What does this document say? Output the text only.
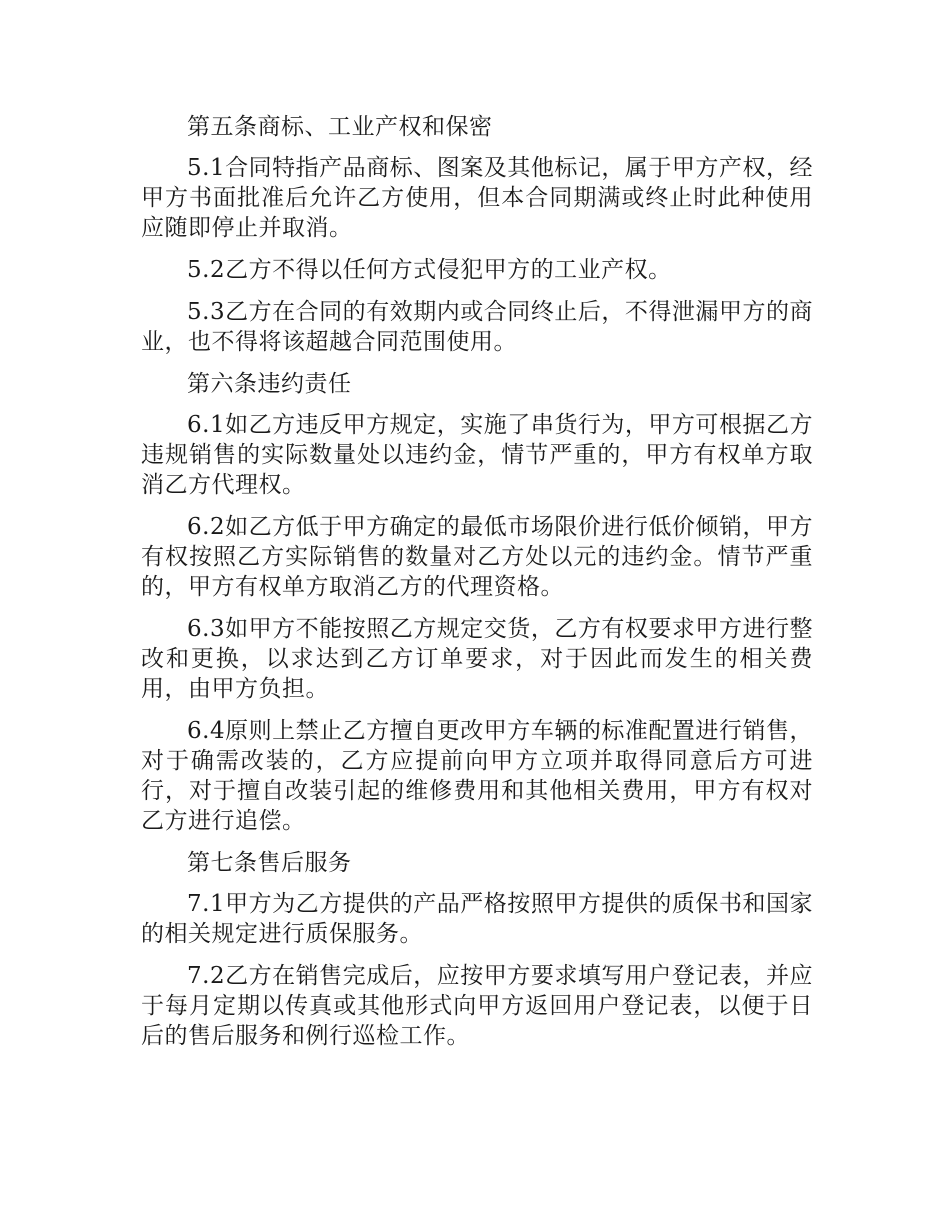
第五条商标、工业产权和保密

5.1合同特指产品商标、图案及其他标记，属于甲方产权，经甲方书面批准后允许乙方使用，但本合同期满或终止时此种使用应随即停止并取消。

5.2乙方不得以任何方式侵犯甲方的工业产权。

5.3乙方在合同的有效期内或合同终止后，不得泄漏甲方的商业，也不得将该超越合同范围使用。

第六条违约责任

6.1如乙方违反甲方规定，实施了串货行为，甲方可根据乙方违规销售的实际数量处以违约金，情节严重的，甲方有权单方取消乙方代理权。

6.2如乙方低于甲方确定的最低市场限价进行低价倾销，甲方有权按照乙方实际销售的数量对乙方处以元的违约金。情节严重的，甲方有权单方取消乙方的代理资格。

6.3如甲方不能按照乙方规定交货，乙方有权要求甲方进行整改和更换，以求达到乙方订单要求，对于因此而发生的相关费用，由甲方负担。

6.4原则上禁止乙方擅自更改甲方车辆的标准配置进行销售，对于确需改装的，乙方应提前向甲方立项并取得同意后方可进行，对于擅自改装引起的维修费用和其他相关费用，甲方有权对乙方进行追偿。

第七条售后服务

7.1甲方为乙方提供的产品严格按照甲方提供的质保书和国家的相关规定进行质保服务。

7.2乙方在销售完成后，应按甲方要求填写用户登记表，并应于每月定期以传真或其他形式向甲方返回用户登记表，以便于日后的售后服务和例行巡检工作。
